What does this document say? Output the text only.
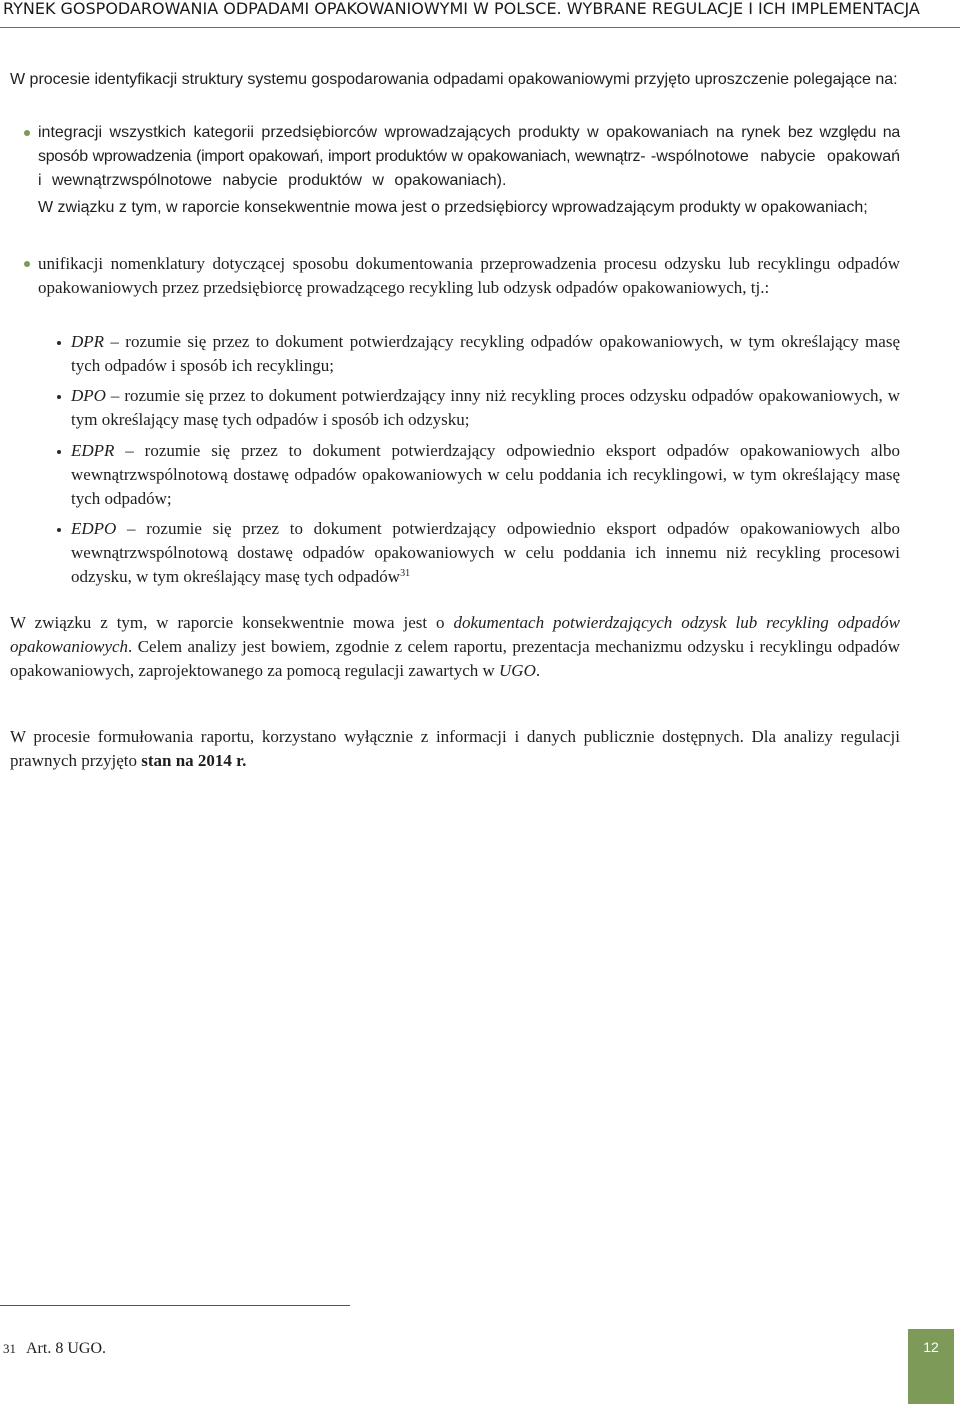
RYNEK GOSPODAROWANIA ODPADAMI OPAKOWANIOWYMI W POLSCE. WYBRANE REGULACJE I ICH IMPLEMENTACJA
W procesie identyfikacji struktury systemu gospodarowania odpadami opakowaniowymi przyjęto uproszczenie polegające na:
integracji wszystkich kategorii przedsiębiorców wprowadzających produkty w opakowaniach na rynek bez względu na sposób wprowadzenia (import opakowań, import produktów w opakowaniach, wewnątrz- -wspólnotowe nabycie opakowań i wewnątrzwspólnotowe nabycie produktów w opakowaniach).
W związku z tym, w raporcie konsekwentnie mowa jest o przedsiębiorcy wprowadzającym produkty w opakowaniach;
unifikacji nomenklatury dotyczącej sposobu dokumentowania przeprowadzenia procesu odzysku lub recyklingu odpadów opakowaniowych przez przedsiębiorcę prowadzącego recykling lub odzysk odpadów opakowaniowych, tj.:
DPR – rozumie się przez to dokument potwierdzający recykling odpadów opakowaniowych, w tym określający masę tych odpadów i sposób ich recyklingu;
DPO – rozumie się przez to dokument potwierdzający inny niż recykling proces odzysku odpadów opakowaniowych, w tym określający masę tych odpadów i sposób ich odzysku;
EDPR – rozumie się przez to dokument potwierdzający odpowiednio eksport odpadów opakowaniowych albo wewnątrzwspólnotową dostawę odpadów opakowaniowych w celu poddania ich recyklingowi, w tym określający masę tych odpadów;
EDPO – rozumie się przez to dokument potwierdzający odpowiednio eksport odpadów opakowaniowych albo wewnątrzwspólnotową dostawę odpadów opakowaniowych w celu poddania ich innemu niż recykling procesowi odzysku, w tym określający masę tych odpadów$^{31}$
W związku z tym, w raporcie konsekwentnie mowa jest o dokumentach potwierdzających odzysk lub recykling odpadów opakowaniowych. Celem analizy jest bowiem, zgodnie z celem raportu, prezentacja mechanizmu odzysku i recyklingu odpadów opakowaniowych, zaprojektowanego za pomocą regulacji zawartych w UGO.
W procesie formułowania raportu, korzystano wyłącznie z informacji i danych publicznie dostępnych. Dla analizy regulacji prawnych przyjęto stan na 2014 r.
31 Art. 8 UGO.	12
